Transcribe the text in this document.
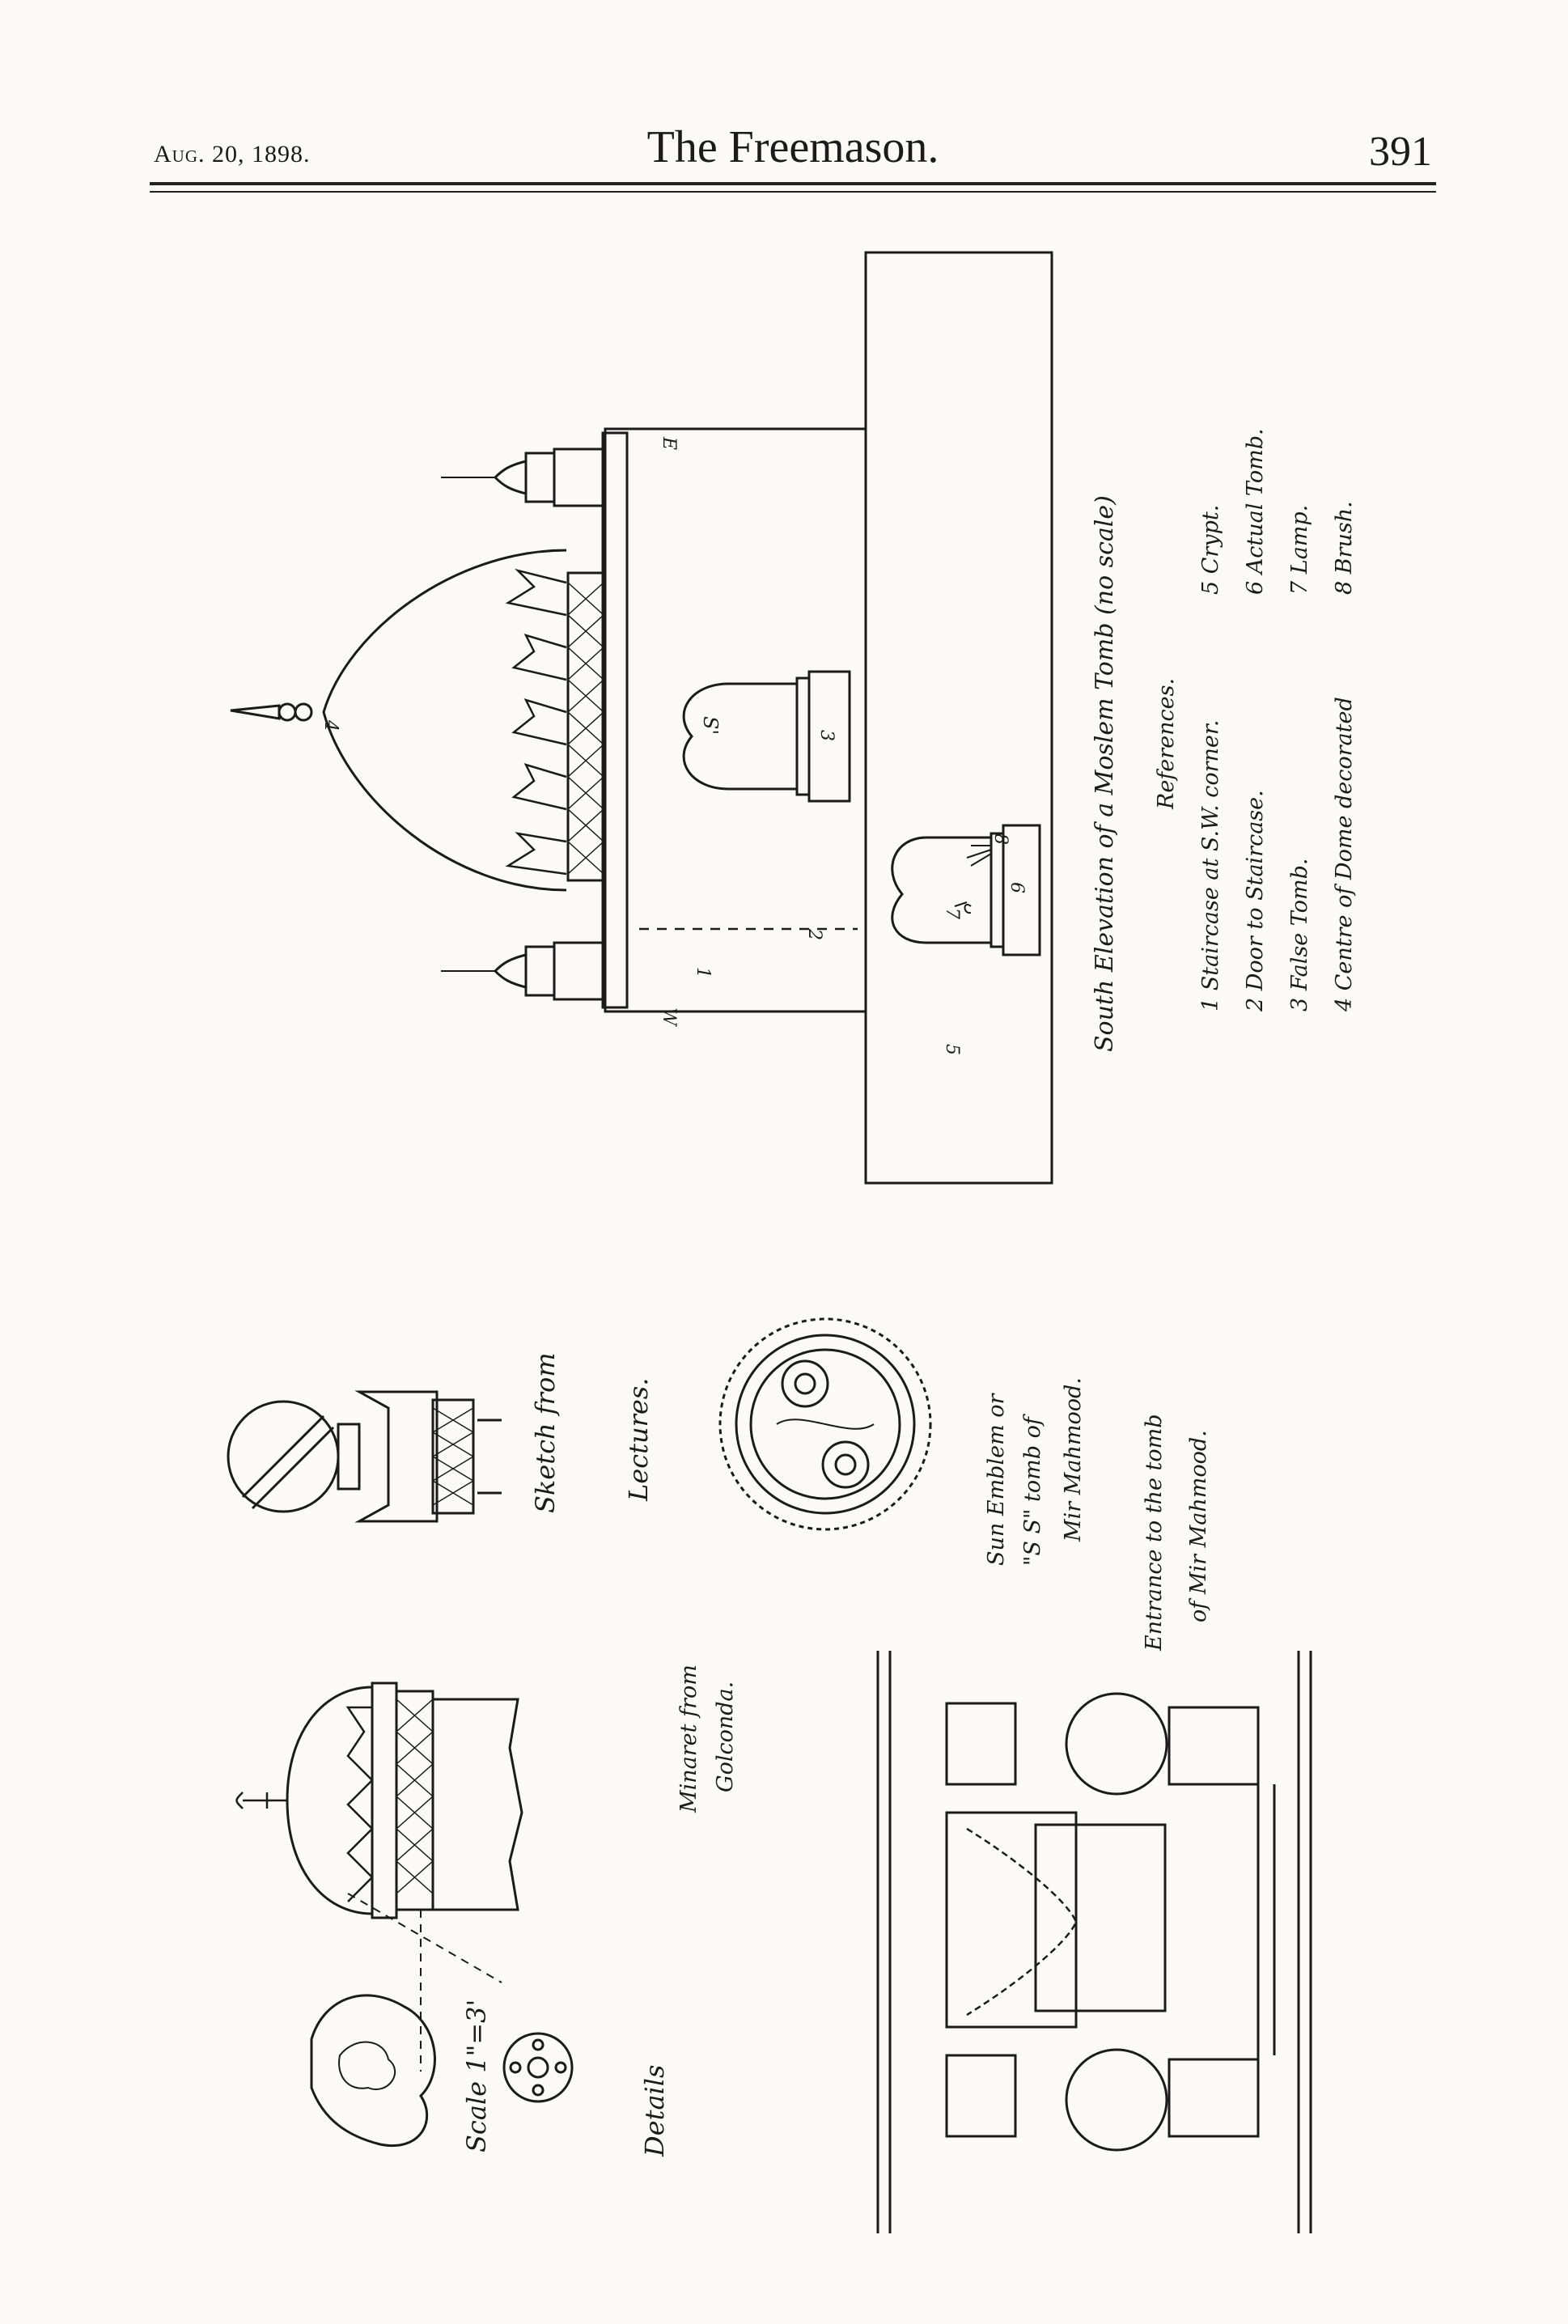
Aug. 20, 1898.	The Freemason.	391
E
W
S'
1
2
3
4
5
6
7
8	South Elevation of a Moslem Tomb (no scale) References. 1 Staircase at S.W. corner. 2 Door to Staircase. 3 False Tomb. 4 Centre of Dome decorated
5 Crypt. 6 Actual Tomb. 7 Lamp. 8 Brush.
Sketch from Lectures.	Sun Emblem or "S S" tomb of Mir Mahmood.	Entrance to the tomb of Mir Mahmood.
Minaret from Golconda.
Scale 1"=3'	Details
